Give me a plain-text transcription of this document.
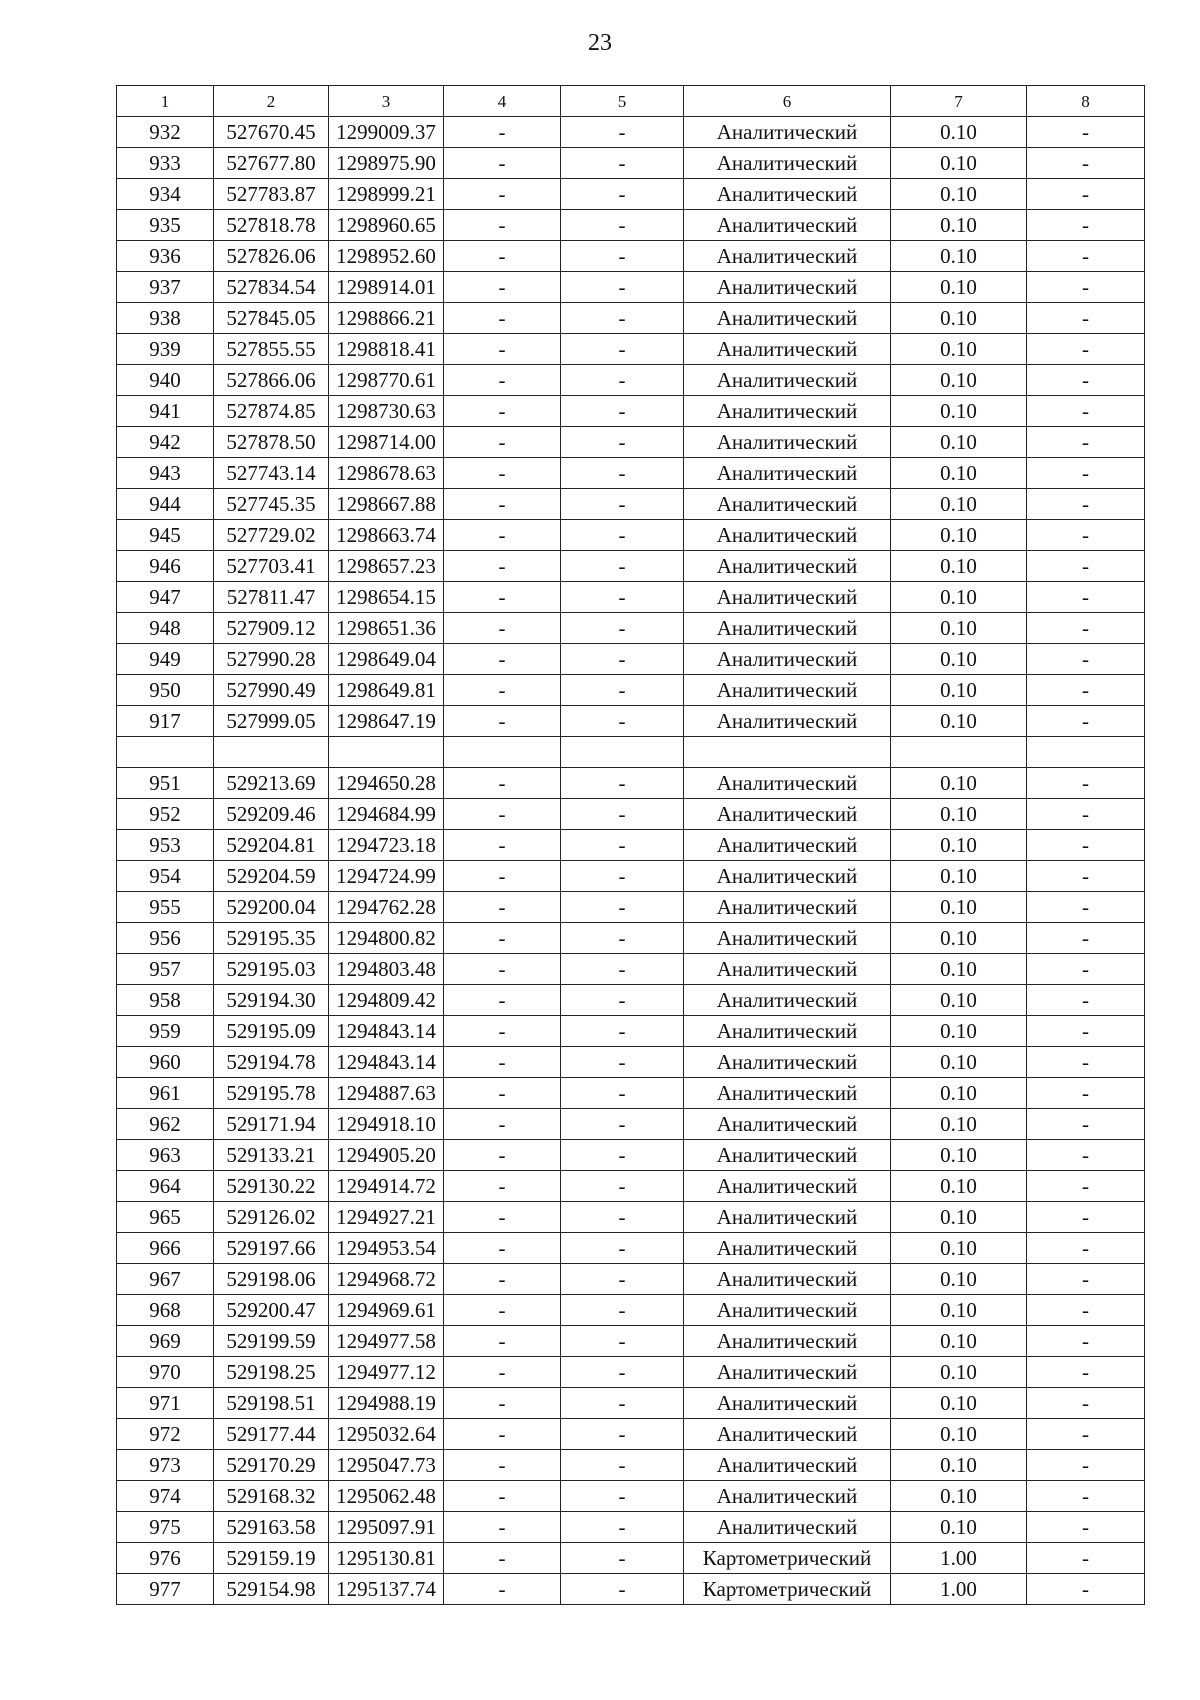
23
1	2	3	4	5	6	7	8
932	527670.45	1299009.37	-	-	Аналитический	0.10	-
933	527677.80	1298975.90	-	-	Аналитический	0.10	-
934	527783.87	1298999.21	-	-	Аналитический	0.10	-
935	527818.78	1298960.65	-	-	Аналитический	0.10	-
936	527826.06	1298952.60	-	-	Аналитический	0.10	-
937	527834.54	1298914.01	-	-	Аналитический	0.10	-
938	527845.05	1298866.21	-	-	Аналитический	0.10	-
939	527855.55	1298818.41	-	-	Аналитический	0.10	-
940	527866.06	1298770.61	-	-	Аналитический	0.10	-
941	527874.85	1298730.63	-	-	Аналитический	0.10	-
942	527878.50	1298714.00	-	-	Аналитический	0.10	-
943	527743.14	1298678.63	-	-	Аналитический	0.10	-
944	527745.35	1298667.88	-	-	Аналитический	0.10	-
945	527729.02	1298663.74	-	-	Аналитический	0.10	-
946	527703.41	1298657.23	-	-	Аналитический	0.10	-
947	527811.47	1298654.15	-	-	Аналитический	0.10	-
948	527909.12	1298651.36	-	-	Аналитический	0.10	-
949	527990.28	1298649.04	-	-	Аналитический	0.10	-
950	527990.49	1298649.81	-	-	Аналитический	0.10	-
917	527999.05	1298647.19	-	-	Аналитический	0.10	-

951	529213.69	1294650.28	-	-	Аналитический	0.10	-
952	529209.46	1294684.99	-	-	Аналитический	0.10	-
953	529204.81	1294723.18	-	-	Аналитический	0.10	-
954	529204.59	1294724.99	-	-	Аналитический	0.10	-
955	529200.04	1294762.28	-	-	Аналитический	0.10	-
956	529195.35	1294800.82	-	-	Аналитический	0.10	-
957	529195.03	1294803.48	-	-	Аналитический	0.10	-
958	529194.30	1294809.42	-	-	Аналитический	0.10	-
959	529195.09	1294843.14	-	-	Аналитический	0.10	-
960	529194.78	1294843.14	-	-	Аналитический	0.10	-
961	529195.78	1294887.63	-	-	Аналитический	0.10	-
962	529171.94	1294918.10	-	-	Аналитический	0.10	-
963	529133.21	1294905.20	-	-	Аналитический	0.10	-
964	529130.22	1294914.72	-	-	Аналитический	0.10	-
965	529126.02	1294927.21	-	-	Аналитический	0.10	-
966	529197.66	1294953.54	-	-	Аналитический	0.10	-
967	529198.06	1294968.72	-	-	Аналитический	0.10	-
968	529200.47	1294969.61	-	-	Аналитический	0.10	-
969	529199.59	1294977.58	-	-	Аналитический	0.10	-
970	529198.25	1294977.12	-	-	Аналитический	0.10	-
971	529198.51	1294988.19	-	-	Аналитический	0.10	-
972	529177.44	1295032.64	-	-	Аналитический	0.10	-
973	529170.29	1295047.73	-	-	Аналитический	0.10	-
974	529168.32	1295062.48	-	-	Аналитический	0.10	-
975	529163.58	1295097.91	-	-	Аналитический	0.10	-
976	529159.19	1295130.81	-	-	Картометрический	1.00	-
977	529154.98	1295137.74	-	-	Картометрический	1.00	-
